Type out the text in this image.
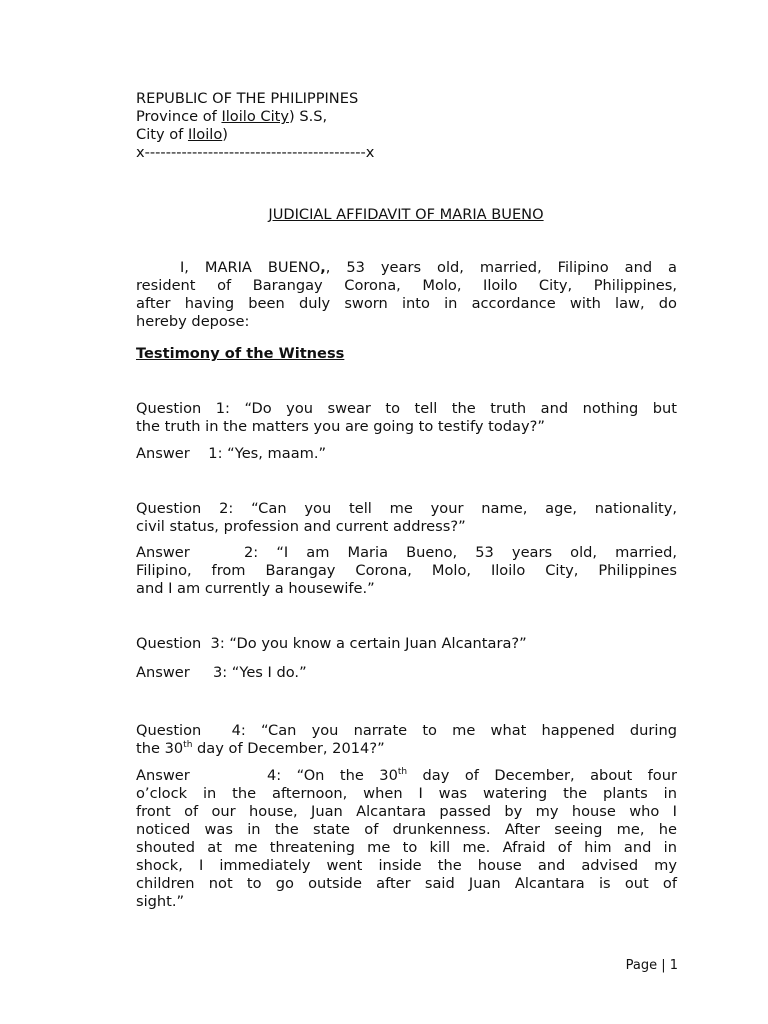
REPUBLIC OF THE PHILIPPINES
Province of Iloilo City) S.S,
City of Iloilo)
x------------------------------------------x
JUDICIAL AFFIDAVIT OF MARIA BUENO
I, MARIA BUENO,, 53 years old, married, Filipino and a
resident of Barangay Corona, Molo, Iloilo City, Philippines,
after having been duly sworn into in accordance with law, do
hereby depose:
Testimony of the Witness
Question 1: “Do you swear to tell the truth and nothing but
the truth in the matters you are going to testify today?”
Answer    1: “Yes, maam.”
Question 2: “Can you tell me your name, age, nationality,
civil status, profession and current address?”
Answer   2: “I am Maria Bueno, 53 years old, married,
Filipino, from Barangay Corona, Molo, Iloilo City, Philippines
and I am currently a housewife.”
Question  3: “Do you know a certain Juan Alcantara?”
Answer     3: “Yes I do.”
Question  4: “Can you narrate to me what happened during
the 30th day of December, 2014?”
Answer     4: “On the 30th day of December, about four
o’clock in the afternoon, when I was watering the plants in
front of our house, Juan Alcantara passed by my house who I
noticed was in the state of drunkenness. After seeing me, he
shouted at me threatening me to kill me. Afraid of him and in
shock, I immediately went inside the house and advised my
children not to go outside after said Juan Alcantara is out of
sight.”
Page | 1
